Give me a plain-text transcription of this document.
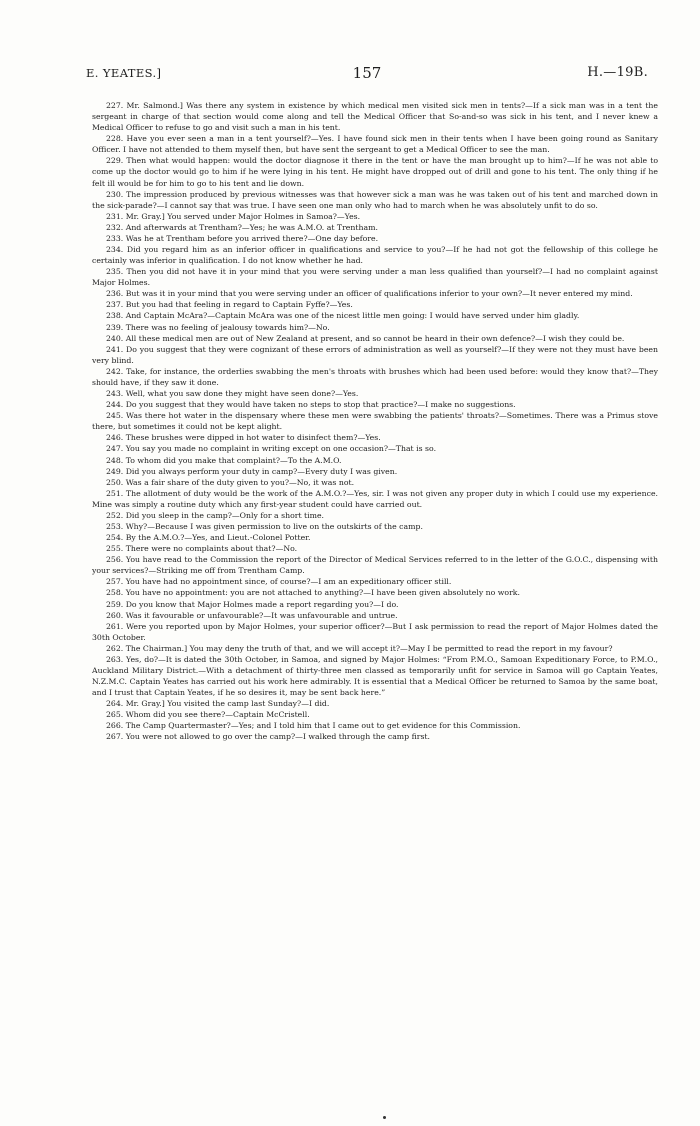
E. YEATES.]	157	H.—19B.

227. Mr. Salmond.] Was there any system in existence by which medical men visited sick men in tents?—If a sick man was in a tent the sergeant in charge of that section would come along and tell the Medical Officer that So-and-so was sick in his tent, and I never knew a Medical Officer to refuse to go and visit such a man in his tent.

228. Have you ever seen a man in a tent yourself?—Yes. I have found sick men in their tents when I have been going round as Sanitary Officer. I have not attended to them myself then, but have sent the sergeant to get a Medical Officer to see the man.

229. Then what would happen: would the doctor diagnose it there in the tent or have the man brought up to him?—If he was not able to come up the doctor would go to him if he were lying in his tent. He might have dropped out of drill and gone to his tent. The only thing if he felt ill would be for him to go to his tent and lie down.

230. The impression produced by previous witnesses was that however sick a man was he was taken out of his tent and marched down in the sick-parade?—I cannot say that was true. I have seen one man only who had to march when he was absolutely unfit to do so.

231. Mr. Gray.] You served under Major Holmes in Samoa?—Yes.

232. And afterwards at Trentham?—Yes; he was A.M.O. at Trentham.

233. Was he at Trentham before you arrived there?—One day before.

234. Did you regard him as an inferior officer in qualifications and service to you?—If he had not got the fellowship of this college he certainly was inferior in qualification. I do not know whether he had.

235. Then you did not have it in your mind that you were serving under a man less qualified than yourself?—I had no complaint against Major Holmes.

236. But was it in your mind that you were serving under an officer of qualifications inferior to your own?—It never entered my mind.

237. But you had that feeling in regard to Captain Fyffe?—Yes.

238. And Captain McAra?—Captain McAra was one of the nicest little men going: I would have served under him gladly.

239. There was no feeling of jealousy towards him?—No.

240. All these medical men are out of New Zealand at present, and so cannot be heard in their own defence?—I wish they could be.

241. Do you suggest that they were cognizant of these errors of administration as well as yourself?—If they were not they must have been very blind.

242. Take, for instance, the orderlies swabbing the men's throats with brushes which had been used before: would they know that?—They should have, if they saw it done.

243. Well, what you saw done they might have seen done?—Yes.

244. Do you suggest that they would have taken no steps to stop that practice?—I make no suggestions.

245. Was there hot water in the dispensary where these men were swabbing the patients' throats?—Sometimes. There was a Primus stove there, but sometimes it could not be kept alight.

246. These brushes were dipped in hot water to disinfect them?—Yes.

247. You say you made no complaint in writing except on one occasion?—That is so.

248. To whom did you make that complaint?—To the A.M.O.

249. Did you always perform your duty in camp?—Every duty I was given.

250. Was a fair share of the duty given to you?—No, it was not.

251. The allotment of duty would be the work of the A.M.O.?—Yes, sir. I was not given any proper duty in which I could use my experience. Mine was simply a routine duty which any first-year student could have carried out.

252. Did you sleep in the camp?—Only for a short time.

253. Why?—Because I was given permission to live on the outskirts of the camp.

254. By the A.M.O.?—Yes, and Lieut.-Colonel Potter.

255. There were no complaints about that?—No.

256. You have read to the Commission the report of the Director of Medical Services referred to in the letter of the G.O.C., dispensing with your services?—Striking me off from Trentham Camp.

257. You have had no appointment since, of course?—I am an expeditionary officer still.

258. You have no appointment: you are not attached to anything?—I have been given absolutely no work.

259. Do you know that Major Holmes made a report regarding you?—I do.

260. Was it favourable or unfavourable?—It was unfavourable and untrue.

261. Were you reported upon by Major Holmes, your superior officer?—But I ask permission to read the report of Major Holmes dated the 30th October.

262. The Chairman.] You may deny the truth of that, and we will accept it?—May I be permitted to read the report in my favour?

263. Yes, do?—It is dated the 30th October, in Samoa, and signed by Major Holmes: “From P.M.O., Samoan Expeditionary Force, to P.M.O., Auckland Military District.—With a detachment of thirty-three men classed as temporarily unfit for service in Samoa will go Captain Yeates, N.Z.M.C. Captain Yeates has carried out his work here admirably. It is essential that a Medical Officer be returned to Samoa by the same boat, and I trust that Captain Yeates, if he so desires it, may be sent back here.”

264. Mr. Gray.] You visited the camp last Sunday?—I did.

265. Whom did you see there?—Captain McCristell.

266. The Camp Quartermaster?—Yes; and I told him that I came out to get evidence for this Commission.

267. You were not allowed to go over the camp?—I walked through the camp first.
